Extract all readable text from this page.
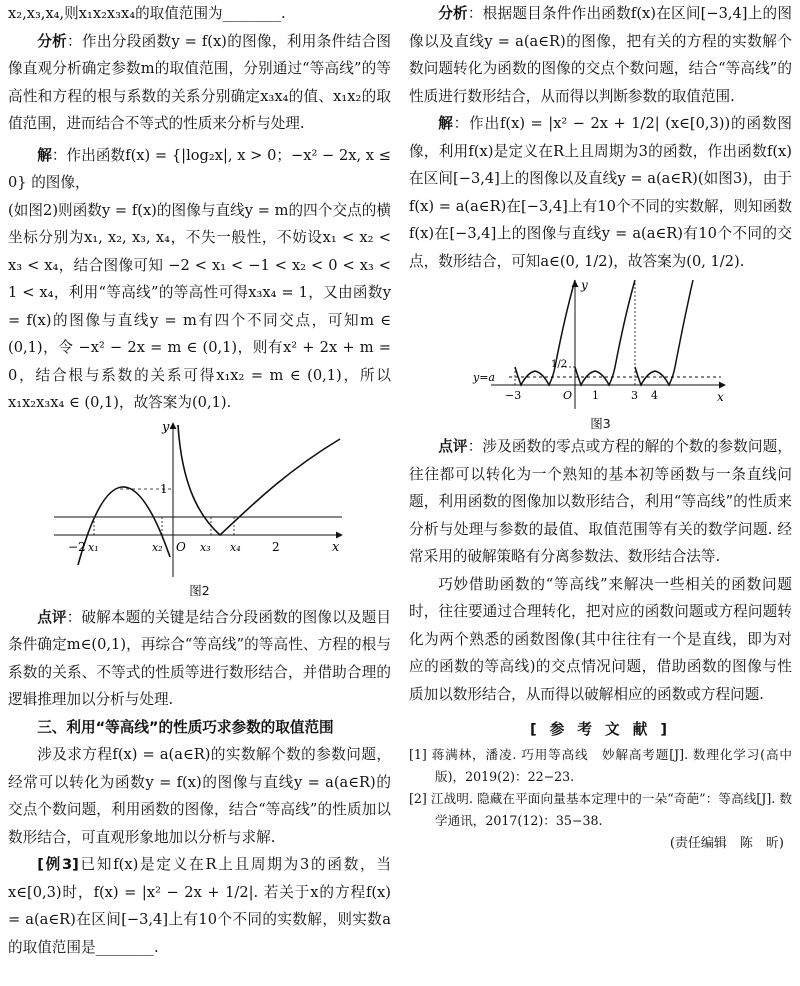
x₂,x₃,x₄,则x₁x₂x₃x₄的取值范围为________.

分析：作出分段函数y = f(x)的图像，利用条件结合图像直观分析确定参数m的取值范围，分别通过“等高线”的等高性和方程的根与系数的关系分别确定x₃x₄的值、x₁x₂的取值范围，进而结合不等式的性质来分析与处理.

解：作出函数f(x) = {|log₂x|, x > 0；−x² − 2x, x ≤ 0} 的图像，

(如图2)则函数y = f(x)的图像与直线y = m的四个交点的横坐标分别为x₁, x₂, x₃, x₄，不失一般性，不妨设x₁ < x₂ < x₃ < x₄，结合图像可知 −2 < x₁ < −1 < x₂ < 0 < x₃ < 1 < x₄，利用“等高线”的等高性可得x₃x₄ = 1，又由函数y = f(x)的图像与直线y = m有四个不同交点，可知m ∈ (0,1)，令 −x² − 2x = m ∈ (0,1)，则有x² + 2x + m = 0，结合根与系数的关系可得x₁x₂ = m ∈ (0,1)，所以x₁x₂x₃x₄ ∈ (0,1)，故答案为(0,1).

y
x
O
1
−2 x₁	x₂	x₃ x₄	2
图2

点评：破解本题的关键是结合分段函数的图像以及题目条件确定m∈(0,1)，再综合“等高线”的等高性、方程的根与系数的关系、不等式的性质等进行数形结合，并借助合理的逻辑推理加以分析与处理.

三、利用“等高线”的性质巧求参数的取值范围

涉及求方程f(x) = a(a∈R)的实数解个数的参数问题，经常可以转化为函数y = f(x)的图像与直线y = a(a∈R)的交点个数问题，利用函数的图像，结合“等高线”的性质加以数形结合，可直观形象地加以分析与求解.

[例3]已知f(x)是定义在R上且周期为3的函数，当x∈[0,3)时，f(x) = |x² − 2x + 1/2|. 若关于x的方程f(x) = a(a∈R)在区间[−3,4]上有10个不同的实数解，则实数a的取值范围是________.

分析：根据题目条件作出函数f(x)在区间[−3,4]上的图像以及直线y = a(a∈R)的图像，把有关的方程的实数解个数问题转化为函数的图像的交点个数问题，结合“等高线”的性质进行数形结合，从而得以判断参数的取值范围.

解：作出f(x) = |x² − 2x + 1/2| (x∈[0,3))的函数图像，利用f(x)是定义在R上且周期为3的函数，作出函数f(x)在区间[−3,4]上的图像以及直线y = a(a∈R)(如图3)，由于f(x) = a(a∈R)在[−3,4]上有10个不同的实数解，则知函数f(x)在[−3,4]上的图像与直线y = a(a∈R)有10个不同的交点，数形结合，可知a∈(0, 1/2)，故答案为(0, 1/2).

y
x
y=a
1/2
−3	O 1	3 4
图3

点评：涉及函数的零点或方程的解的个数的参数问题，往往都可以转化为一个熟知的基本初等函数与一条直线问题，利用函数的图像加以数形结合，利用“等高线”的性质来分析与处理与参数的最值、取值范围等有关的数学问题. 经常采用的破解策略有分离参数法、数形结合法等.

巧妙借助函数的“等高线”来解决一些相关的函数问题时，往往要通过合理转化，把对应的函数问题或方程问题转化为两个熟悉的函数图像(其中往往有一个是直线，即为对应的函数的等高线)的交点情况问题，借助函数的图像与性质加以数形结合，从而得以破解相应的函数或方程问题.

[ 参 考 文 献 ]

[1] 蒋满林，潘凌. 巧用等高线　妙解高考题[J]. 数理化学习(高中版)，2019(2)：22−23.

[2] 江战明. 隐藏在平面向量基本定理中的一朵“奇葩”：等高线[J]. 数学通讯，2017(12)：35−38.

(责任编辑　陈　昕)
